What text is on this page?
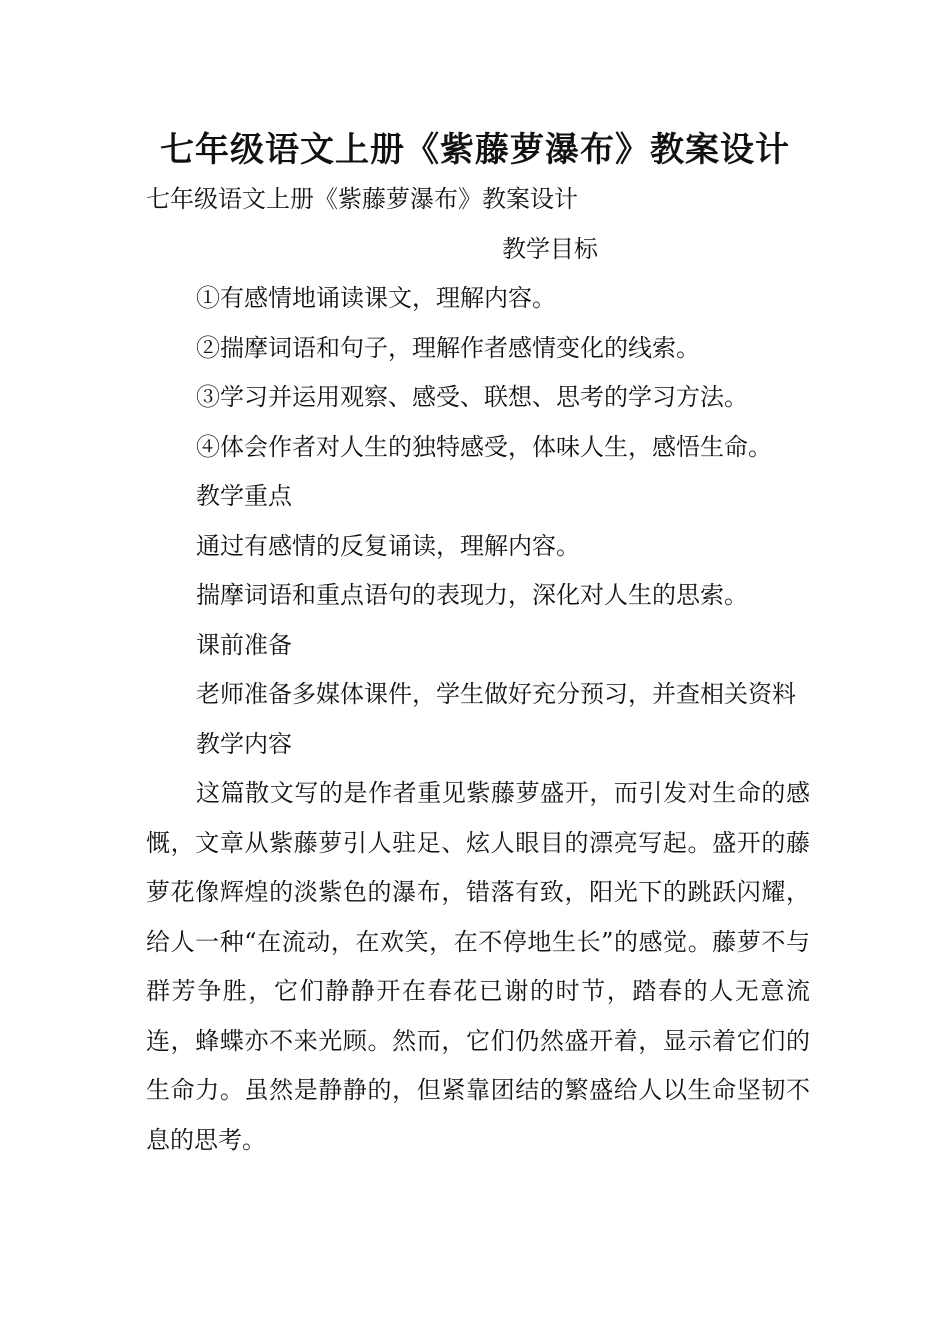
七年级语文上册《紫藤萝瀑布》教案设计

七年级语文上册《紫藤萝瀑布》教案设计

教学目标

①有感情地诵读课文，理解内容。

②揣摩词语和句子，理解作者感情变化的线索。

③学习并运用观察、感受、联想、思考的学习方法。

④体会作者对人生的独特感受，体味人生，感悟生命。

教学重点

通过有感情的反复诵读，理解内容。

揣摩词语和重点语句的表现力，深化对人生的思索。

课前准备

老师准备多媒体课件，学生做好充分预习，并查相关资料

教学内容

这篇散文写的是作者重见紫藤萝盛开，而引发对生命的感慨，文章从紫藤萝引人驻足、炫人眼目的漂亮写起。盛开的藤萝花像辉煌的淡紫色的瀑布，错落有致，阳光下的跳跃闪耀，给人一种“在流动，在欢笑，在不停地生长”的感觉。藤萝不与群芳争胜，它们静静开在春花已谢的时节，踏春的人无意流连，蜂蝶亦不来光顾。然而，它们仍然盛开着，显示着它们的生命力。虽然是静静的，但紧靠团结的繁盛给人以生命坚韧不息的思考。
